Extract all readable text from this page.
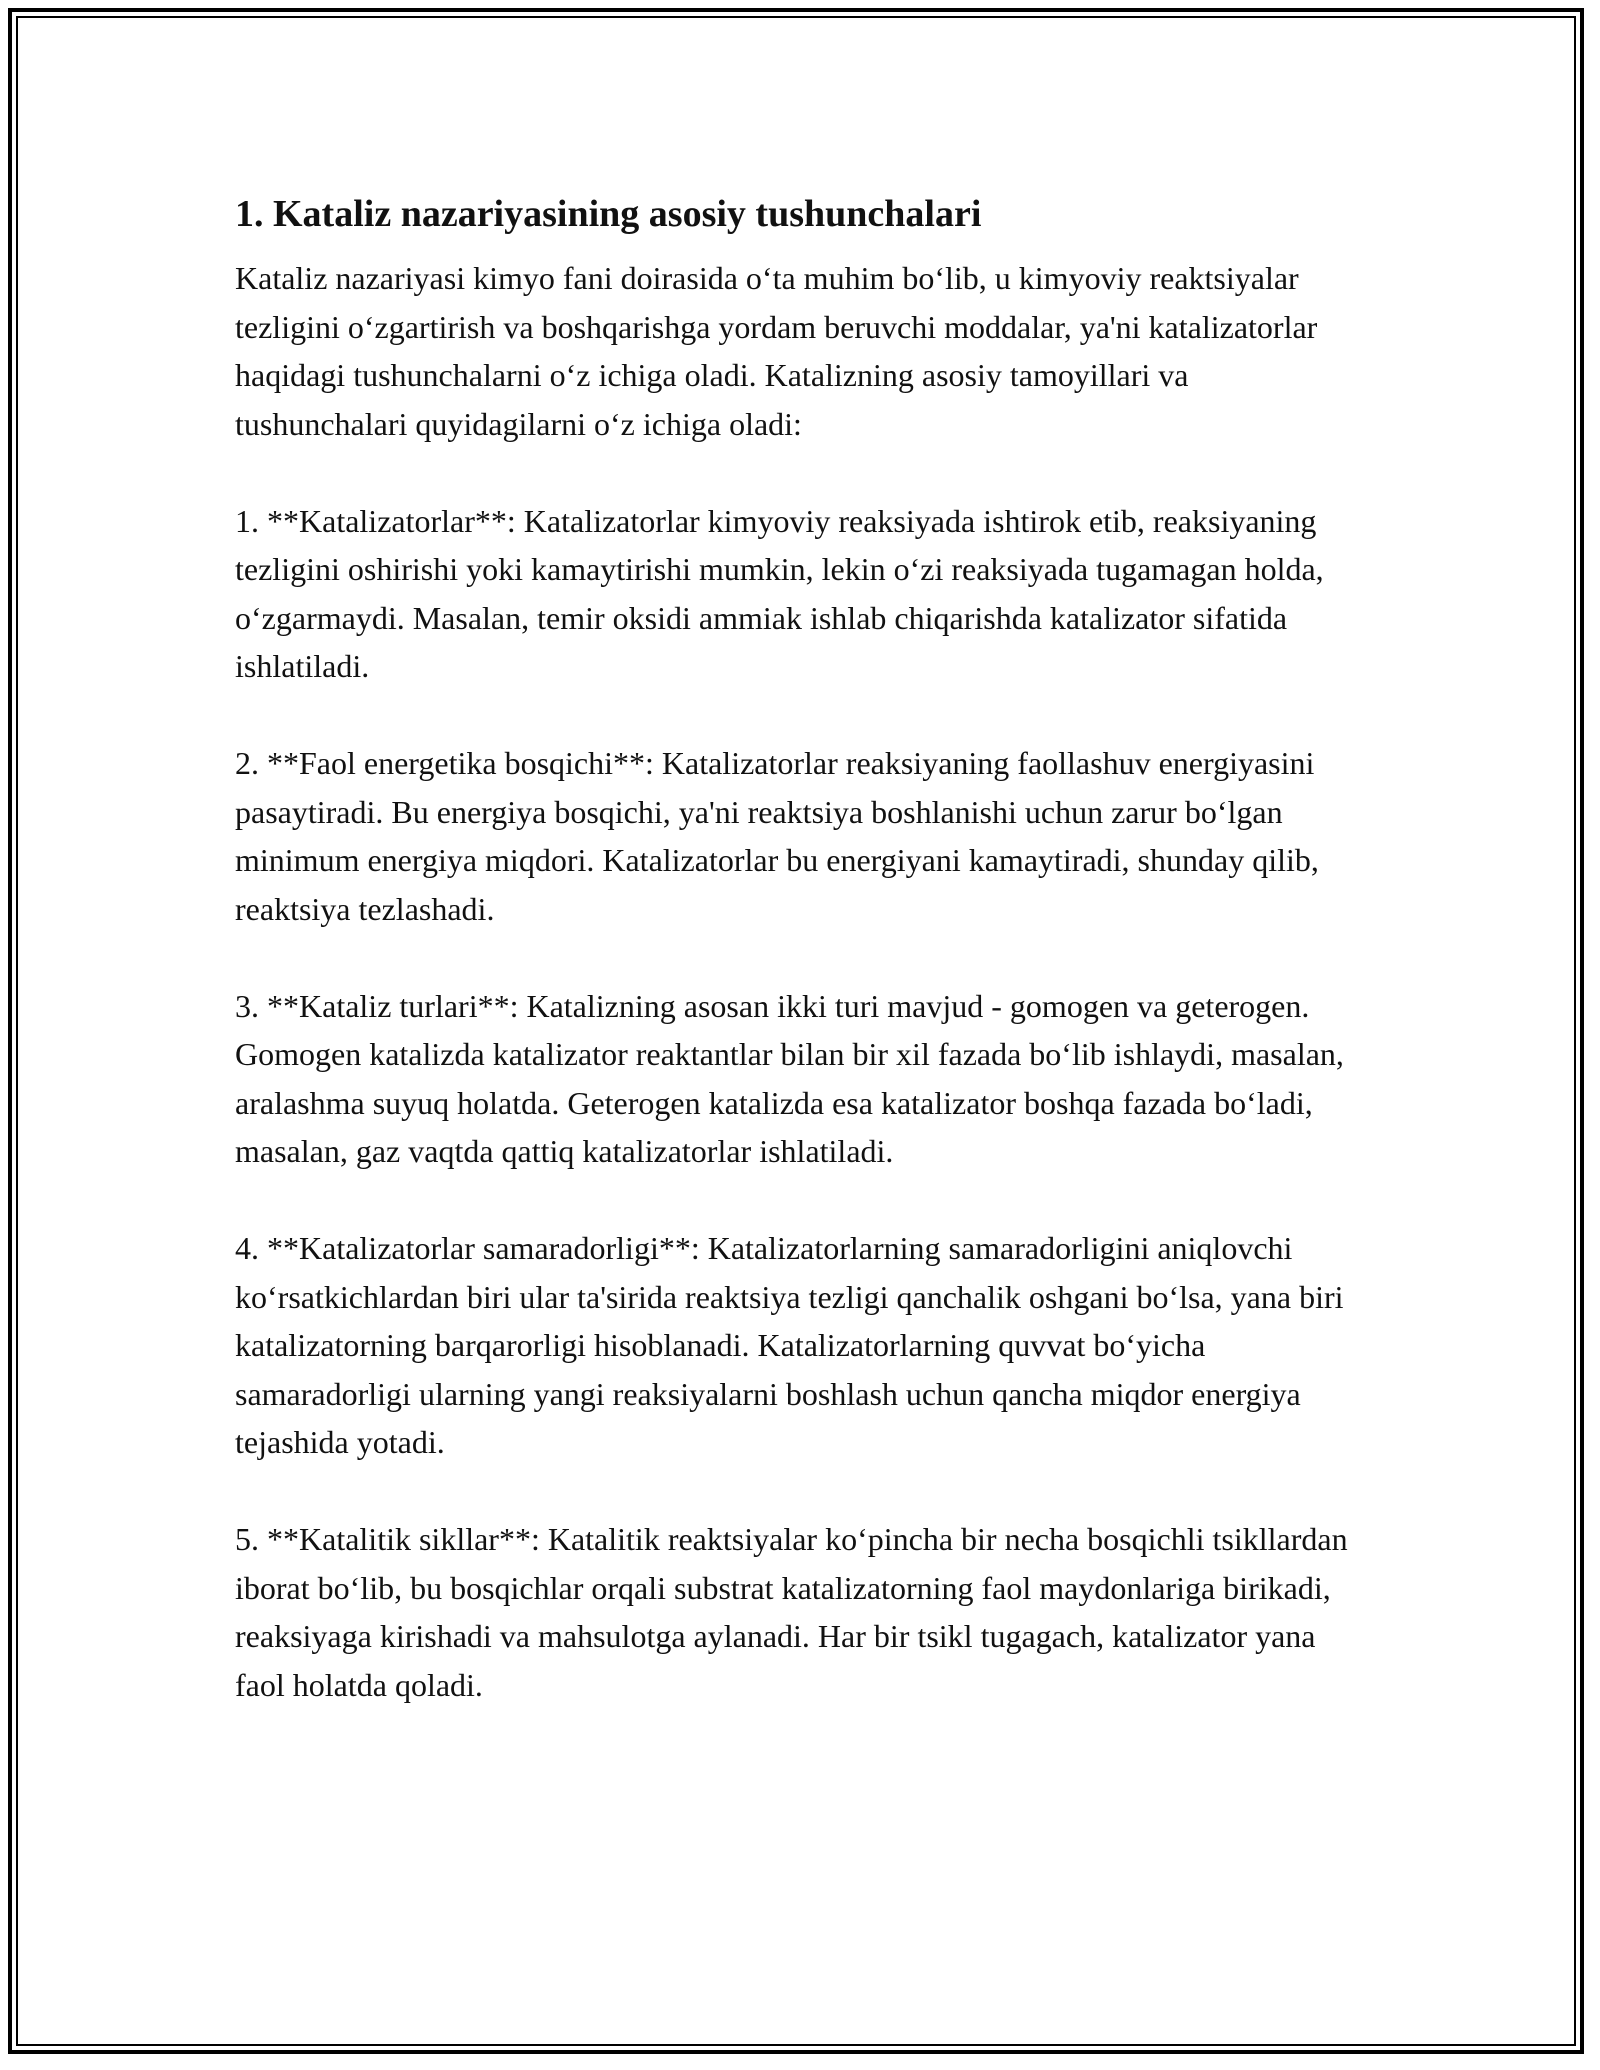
1. Kataliz nazariyasining asosiy tushunchalari

Kataliz nazariyasi kimyo fani doirasida o‘ta muhim bo‘lib, u kimyoviy reaktsiyalar tezligini o‘zgartirish va boshqarishga yordam beruvchi moddalar, ya'ni katalizatorlar haqidagi tushunchalarni o‘z ichiga oladi. Katalizning asosiy tamoyillari va tushunchalari quyidagilarni o‘z ichiga oladi:

1. **Katalizatorlar**: Katalizatorlar kimyoviy reaksiyada ishtirok etib, reaksiyaning tezligini oshirishi yoki kamaytirishi mumkin, lekin o‘zi reaksiyada tugamagan holda, o‘zgarmaydi. Masalan, temir oksidi ammiak ishlab chiqarishda katalizator sifatida ishlatiladi.

2. **Faol energetika bosqichi**: Katalizatorlar reaksiyaning faollashuv energiyasini pasaytiradi. Bu energiya bosqichi, ya'ni reaktsiya boshlanishi uchun zarur bo‘lgan minimum energiya miqdori. Katalizatorlar bu energiyani kamaytiradi, shunday qilib, reaktsiya tezlashadi.

3. **Kataliz turlari**: Katalizning asosan ikki turi mavjud - gomogen va geterogen. Gomogen katalizda katalizator reaktantlar bilan bir xil fazada bo‘lib ishlaydi, masalan, aralashma suyuq holatda. Geterogen katalizda esa katalizator boshqa fazada bo‘ladi, masalan, gaz vaqtda qattiq katalizatorlar ishlatiladi.

4. **Katalizatorlar samaradorligi**: Katalizatorlarning samaradorligini aniqlovchi ko‘rsatkichlardan biri ular ta'sirida reaktsiya tezligi qanchalik oshgani bo‘lsa, yana biri katalizatorning barqarorligi hisoblanadi. Katalizatorlarning quvvat bo‘yicha samaradorligi ularning yangi reaksiyalarni boshlash uchun qancha miqdor energiya tejashida yotadi.

5. **Katalitik sikllar**: Katalitik reaktsiyalar ko‘pincha bir necha bosqichli tsikllardan iborat bo‘lib, bu bosqichlar orqali substrat katalizatorning faol maydonlariga birikadi, reaksiyaga kirishadi va mahsulotga aylanadi. Har bir tsikl tugagach, katalizator yana faol holatda qoladi.
